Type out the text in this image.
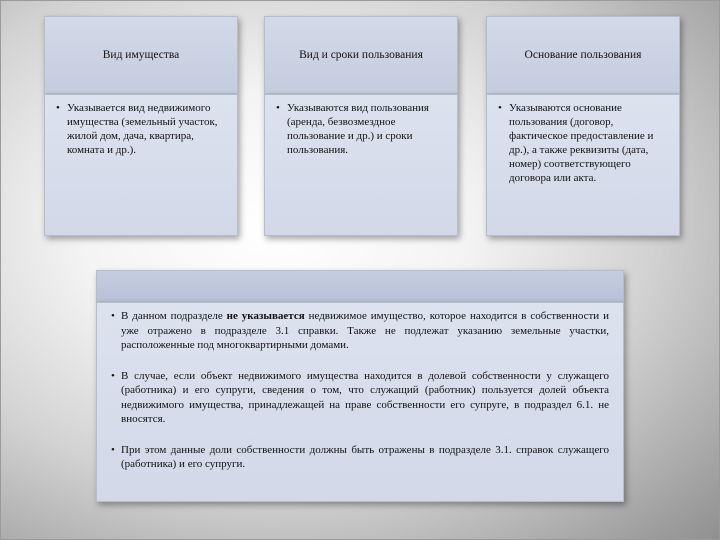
Вид имущества
• Указывается вид недвижимого имущества (земельный участок, жилой дом, дача, квартира, комната и др.).
Вид и сроки пользования
• Указываются вид пользования (аренда, безвозмездное пользование и др.) и сроки пользования.
Основание пользования
• Указываются основание пользования (договор, фактическое предоставление и др.), а также реквизиты (дата, номер) соответствующего договора или акта.
• В данном подразделе не указывается недвижимое имущество, которое находится в собственности и уже отражено в подразделе 3.1 справки. Также не подлежат указанию земельные участки, расположенные под многоквартирными домами.
• В случае, если объект недвижимого имущества находится в долевой собственности у служащего (работника) и его супруги, сведения о том, что служащий (работник) пользуется долей объекта недвижимого имущества, принадлежащей на праве собственности его супруге, в подраздел 6.1. не вносятся.
• При этом данные доли собственности должны быть отражены в подразделе 3.1. справок служащего (работника) и его супруги.
